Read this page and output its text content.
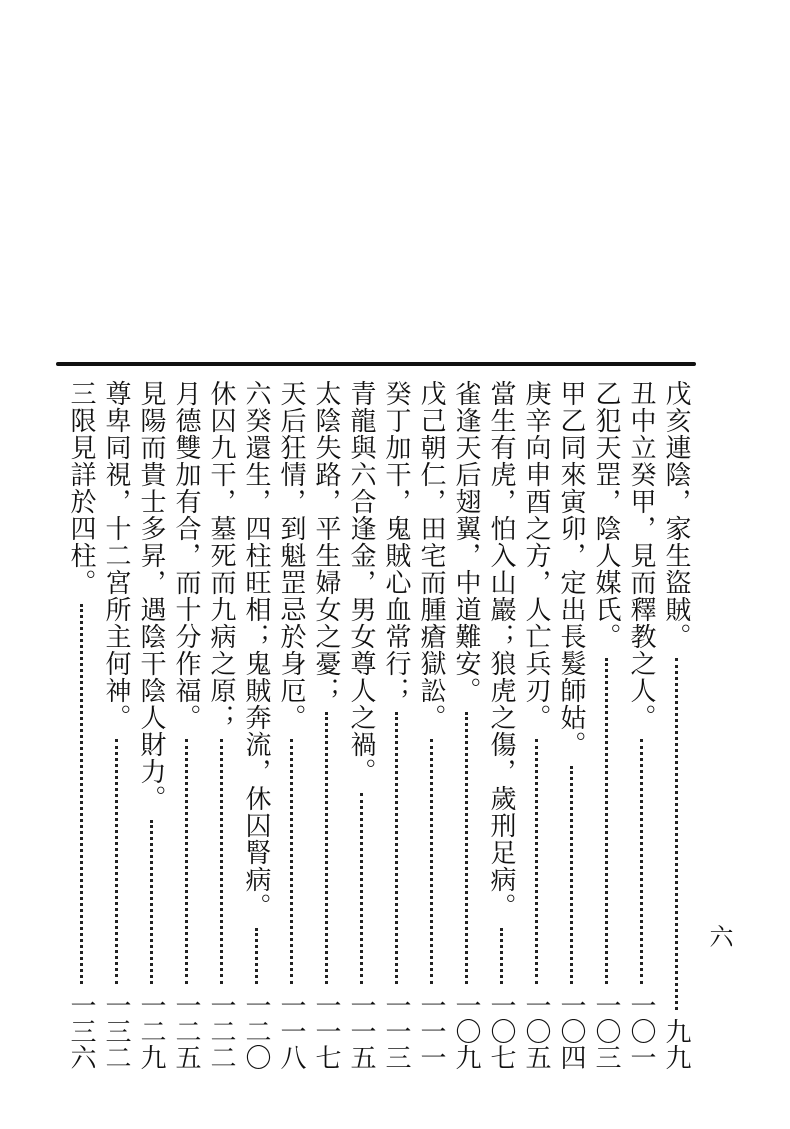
戊亥連陰，家生盜賊。
九九
丑中立癸甲，見而釋教之人。
一〇一
乙犯天罡，陰人媒氏。
一〇三
甲乙同來寅卯，定出長髮師姑。
一〇四
庚辛向申酉之方，人亡兵刃。
一〇五
當生有虎，怕入山巖；狼虎之傷，歲刑足病。
一〇七
雀逢天后翅翼，中道難安。
一〇九
戊己朝仁，田宅而腫瘡獄訟。
一一一
癸丁加干，鬼賊心血常行；
一一三
青龍與六合逢金，男女尊人之禍。
一一五
太陰失路，平生婦女之憂；
一一七
天后狂情，到魁罡忌於身厄。
一一八
六癸還生，四柱旺相；鬼賊奔流，休囚腎病。
一二〇
休囚九干，墓死而九病之原；
一二二
月德雙加有合，而十分作福。
一二五
見陽而貴士多昇，遇陰干陰人財力。
一二九
尊卑同視，十二宮所主何神。
一三二
三限見詳於四柱。
一三六
六
